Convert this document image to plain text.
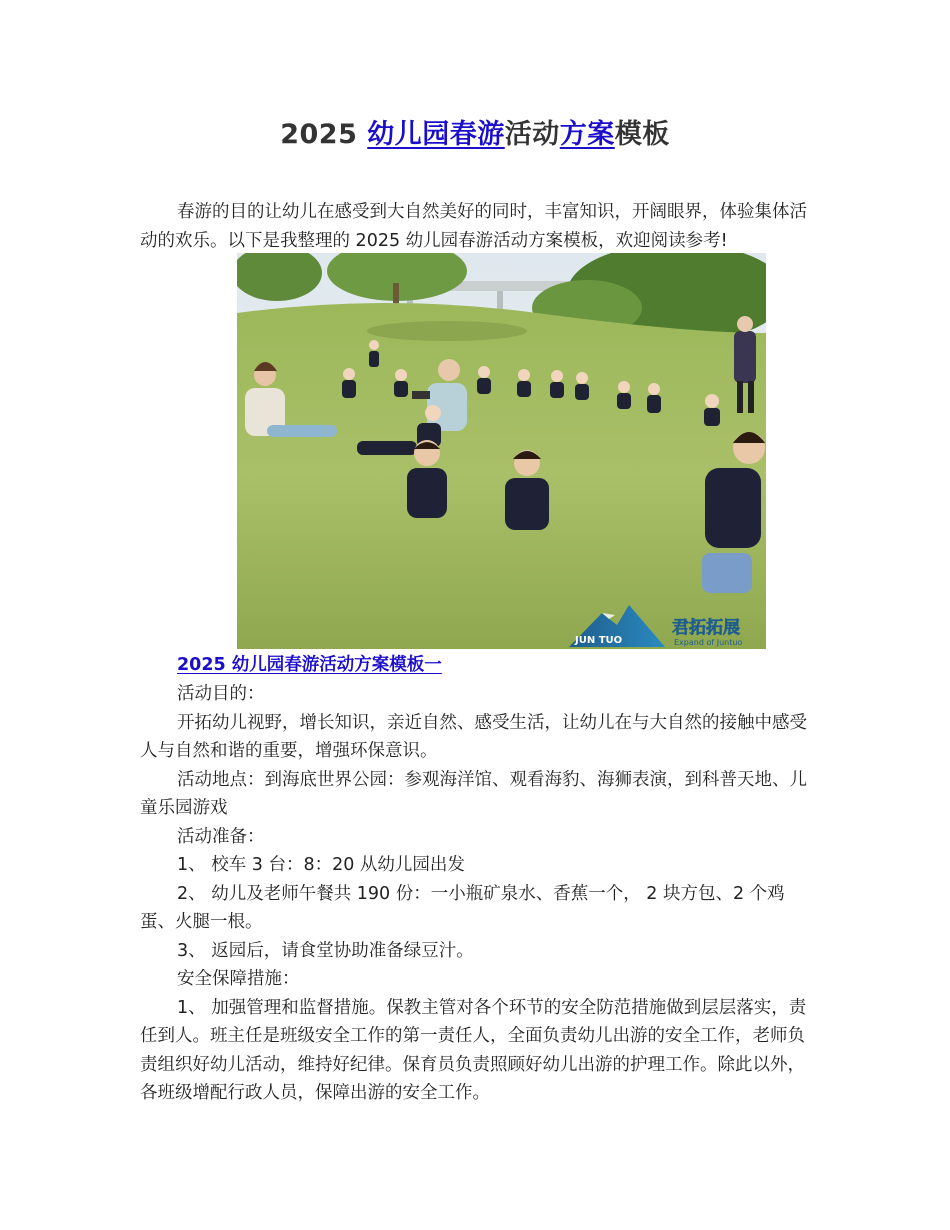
2025 幼儿园春游活动方案模板

春游的目的让幼儿在感受到大自然美好的同时，丰富知识，开阔眼界，体验集体活动的欢乐。以下是我整理的 2025 幼儿园春游活动方案模板，欢迎阅读参考!

JUN TUO
君拓拓展
Expand of Juntuo
2025 幼儿园春游活动方案模板一

活动目的：

开拓幼儿视野，增长知识，亲近自然、感受生活，让幼儿在与大自然的接触中感受人与自然和谐的重要，增强环保意识。

活动地点：到海底世界公园：参观海洋馆、观看海豹、海狮表演，到科普天地、儿童乐园游戏

活动准备：

1、 校车 3 台：8：20 从幼儿园出发

2、 幼儿及老师午餐共 190 份：一小瓶矿泉水、香蕉一个， 2 块方包、2 个鸡蛋、火腿一根。

3、 返园后，请食堂协助准备绿豆汁。

安全保障措施：

1、 加强管理和监督措施。保教主管对各个环节的安全防范措施做到层层落实，责任到人。班主任是班级安全工作的第一责任人，全面负责幼儿出游的安全工作，老师负责组织好幼儿活动，维持好纪律。保育员负责照顾好幼儿出游的护理工作。除此以外，各班级增配行政人员，保障出游的安全工作。
